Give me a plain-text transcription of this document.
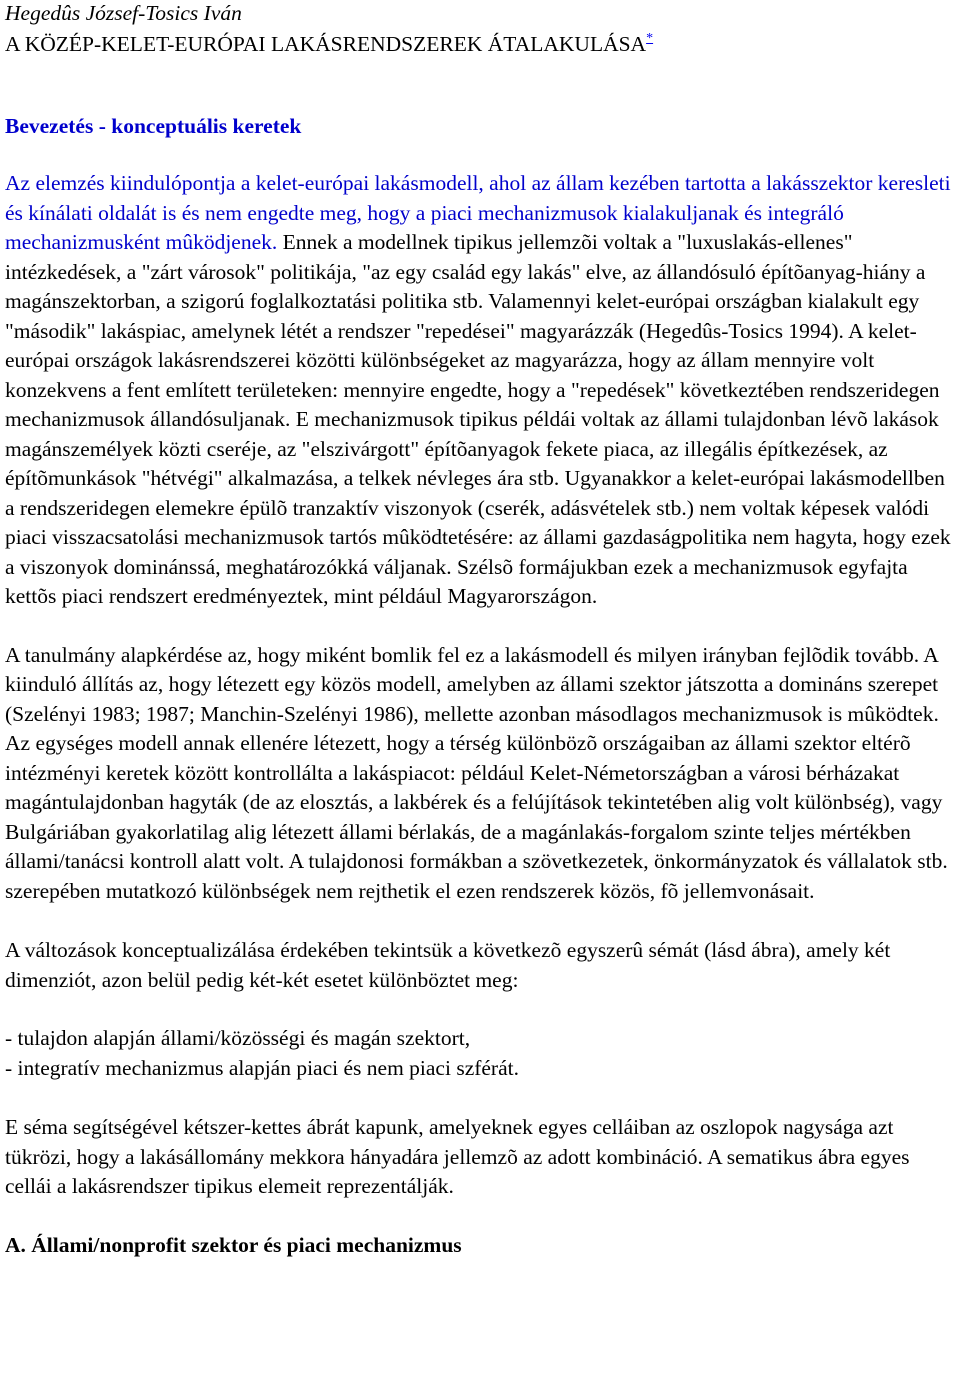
Hegedûs József-Tosics Iván

A KÖZÉP-KELET-EURÓPAI LAKÁSRENDSZEREK ÁTALAKULÁSA*
Bevezetés - konceptuális keretek

Az elemzés kiindulópontja a kelet-európai lakásmodell, ahol az állam kezében tartotta a lakásszektor keresleti és kínálati oldalát is és nem engedte meg, hogy a piaci mechanizmusok kialakuljanak és integráló mechanizmusként mûködjenek. Ennek a modellnek tipikus jellemzõi voltak a "luxuslakás-ellenes" intézkedések, a "zárt városok" politikája, "az egy család egy lakás" elve, az állandósuló építõanyag-hiány a magánszektorban, a szigorú foglalkoztatási politika stb. Valamennyi kelet-európai országban kialakult egy "második" lakáspiac, amelynek létét a rendszer "repedései" magyarázzák (Hegedûs-Tosics 1994). A kelet-európai országok lakásrendszerei közötti különbségeket az magyarázza, hogy az állam mennyire volt konzekvens a fent említett területeken: mennyire engedte, hogy a "repedések" következtében rendszeridegen mechanizmusok állandósuljanak. E mechanizmusok tipikus példái voltak az állami tulajdonban lévõ lakások magánszemélyek közti cseréje, az "elszivárgott" építõanyagok fekete piaca, az illegális építkezések, az építõmunkások "hétvégi" alkalmazása, a telkek névleges ára stb. Ugyanakkor a kelet-európai lakásmodellben a rendszeridegen elemekre épülõ tranzaktív viszonyok (cserék, adásvételek stb.) nem voltak képesek valódi piaci visszacsatolási mechanizmusok tartós mûködtetésére: az állami gazdaságpolitika nem hagyta, hogy ezek a viszonyok dominánssá, meghatározókká váljanak. Szélsõ formájukban ezek a mechanizmusok egyfajta kettõs piaci rendszert eredményeztek, mint például Magyarországon.

A tanulmány alapkérdése az, hogy miként bomlik fel ez a lakásmodell és milyen irányban fejlõdik tovább. A kiinduló állítás az, hogy létezett egy közös modell, amelyben az állami szektor játszotta a domináns szerepet (Szelényi 1983; 1987; Manchin-Szelényi 1986), mellette azonban másodlagos mechanizmusok is mûködtek. Az egységes modell annak ellenére létezett, hogy a térség különbözõ országaiban az állami szektor eltérõ intézményi keretek között kontrollálta a lakáspiacot: például Kelet-Németországban a városi bérházakat magántulajdonban hagyták (de az elosztás, a lakbérek és a felújítások tekintetében alig volt különbség), vagy Bulgáriában gyakorlatilag alig létezett állami bérlakás, de a magánlakás-forgalom szinte teljes mértékben állami/tanácsi kontroll alatt volt. A tulajdonosi formákban a szövetkezetek, önkormányzatok és vállalatok stb. szerepében mutatkozó különbségek nem rejthetik el ezen rendszerek közös, fõ jellemvonásait.

A változások konceptualizálása érdekében tekintsük a következõ egyszerû sémát (lásd ábra), amely két dimenziót, azon belül pedig két-két esetet különböztet meg:

- tulajdon alapján állami/közösségi és magán szektort,

- integratív mechanizmus alapján piaci és nem piaci szférát.

E séma segítségével kétszer-kettes ábrát kapunk, amelyeknek egyes celláiban az oszlopok nagysága azt tükrözi, hogy a lakásállomány mekkora hányadára jellemzõ az adott kombináció. A sematikus ábra egyes cellái a lakásrendszer tipikus elemeit reprezentálják.

A. Állami/nonprofit szektor és piaci mechanizmus
